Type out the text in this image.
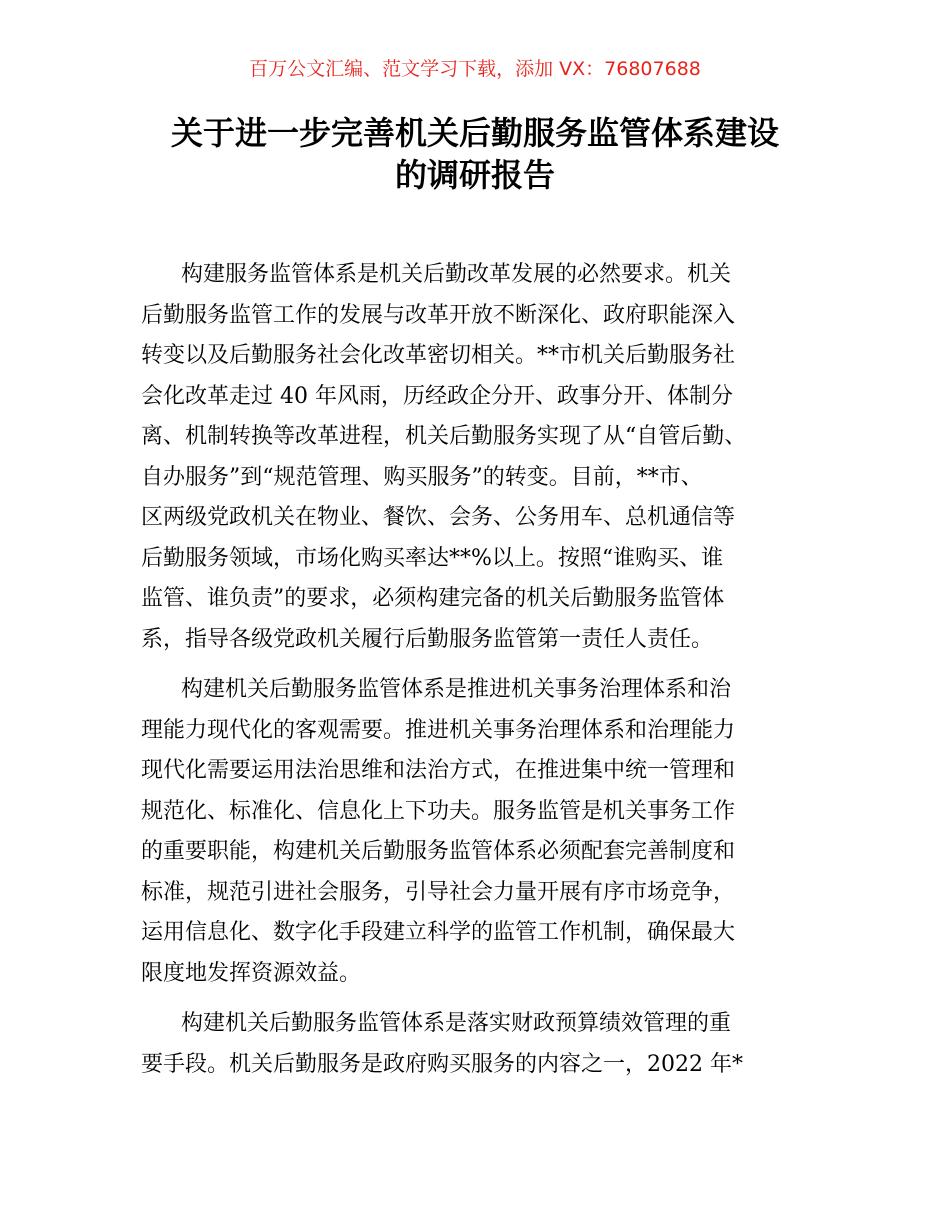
百万公文汇编、范文学习下载，添加 VX：76807688
关于进一步完善机关后勤服务监管体系建设
的调研报告

构建服务监管体系是机关后勤改革发展的必然要求。机关
后勤服务监管工作的发展与改革开放不断深化、政府职能深入
转变以及后勤服务社会化改革密切相关。**市机关后勤服务社
会化改革走过 40 年风雨，历经政企分开、政事分开、体制分
离、机制转换等改革进程，机关后勤服务实现了从“自管后勤、
自办服务”到“规范管理、购买服务”的转变。目前，**市、
区两级党政机关在物业、餐饮、会务、公务用车、总机通信等
后勤服务领域，市场化购买率达**%以上。按照“谁购买、谁
监管、谁负责”的要求，必须构建完备的机关后勤服务监管体
系，指导各级党政机关履行后勤服务监管第一责任人责任。

构建机关后勤服务监管体系是推进机关事务治理体系和治
理能力现代化的客观需要。推进机关事务治理体系和治理能力
现代化需要运用法治思维和法治方式，在推进集中统一管理和
规范化、标准化、信息化上下功夫。服务监管是机关事务工作
的重要职能，构建机关后勤服务监管体系必须配套完善制度和
标准，规范引进社会服务，引导社会力量开展有序市场竞争，
运用信息化、数字化手段建立科学的监管工作机制，确保最大
限度地发挥资源效益。

构建机关后勤服务监管体系是落实财政预算绩效管理的重
要手段。机关后勤服务是政府购买服务的内容之一，2022 年*
